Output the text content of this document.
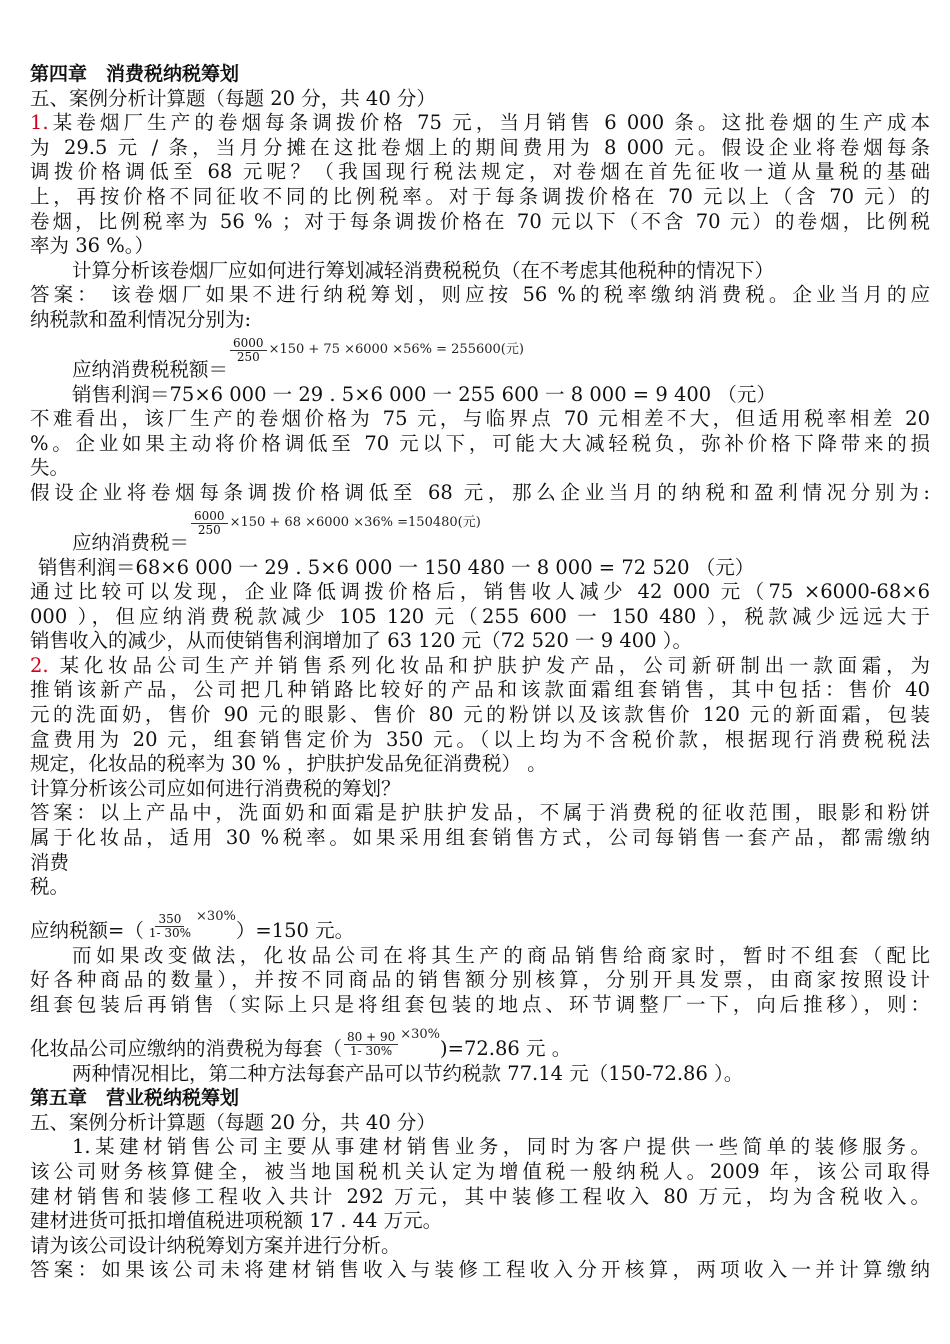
第四章　消费税纳税筹划
五、案例分析计算题（每题 20 分，共 40 分）
1.某卷烟厂生产的卷烟每条调拨价格 75 元，当月销售 6 000 条。这批卷烟的生产成本
为 29.5 元 / 条，当月分摊在这批卷烟上的期间费用为 8 000 元。假设企业将卷烟每条
调拨价格调低至 68 元呢？（我国现行税法规定，对卷烟在首先征收一道从量税的基础
上，再按价格不同征收不同的比例税率。对于每条调拨价格在 70 元以上（含 70 元）的
卷烟，比例税率为 56 % ；对于每条调拨价格在 70 元以下（不含 70 元）的卷烟，比例税
率为 36 %。）
计算分析该卷烟厂应如何进行筹划减轻消费税税负（在不考虑其他税种的情况下）
答案： 该卷烟厂如果不进行纳税筹划，则应按 56 %的税率缴纳消费税。企业当月的应
纳税款和盈利情况分别为:
应纳消费税税额＝
$\frac{6000}{250} \times 150 + 75 \times 6000 \times 56\% = 255600$(元)
销售利润＝75×6 000 一 29 . 5×6 000 一 255 600 一 8 000 = 9 400 （元）
不难看出，该厂生产的卷烟价格为 75 元，与临界点 70 元相差不大，但适用税率相差 20
%。企业如果主动将价格调低至 70 元以下，可能大大减轻税负，弥补价格下降带来的损
失。
假设企业将卷烟每条调拨价格调低至 68 元，那么企业当月的纳税和盈利情况分别为:
应纳消费税＝
$\frac{6000}{250} \times 150 + 68 \times 6000 \times 36\% =150480$(元)
销售利润＝68×6 000 一 29 . 5×6 000 一 150 480 一 8 000 = 72 520 （元）
通过比较可以发现，企业降低调拨价格后，销售收人减少 42 000 元（75 ×6000-68×6
000 ），但应纳消费税款减少 105 120 元（255 600 一 150 480 ），税款减少远远大于
销售收入的减少，从而使销售利润增加了 63 120 元（72 520 一 9 400 ）。
2. 某化妆品公司生产并销售系列化妆品和护肤护发产品，公司新研制出一款面霜，为
推销该新产品，公司把几种销路比较好的产品和该款面霜组套销售，其中包括：售价 40
元的洗面奶，售价 90 元的眼影、售价 80 元的粉饼以及该款售价 120 元的新面霜，包装
盒费用为 20 元，组套销售定价为 350 元。（以上均为不含税价款，根据现行消费税税法
规定，化妆品的税率为 30 % ，护肤护发品免征消费税） 。
计算分析该公司应如何进行消费税的筹划？
答案：以上产品中，洗面奶和面霜是护肤护发品，不属于消费税的征收范围，眼影和粉饼
属于化妆品，适用 30 %税率。如果采用组套销售方式，公司每销售一套产品，都需缴纳
消费
税。
应纳税额=（ $\frac{350}{1- 30\%} \times 30\%$
）=150 元。
而如果改变做法，化妆品公司在将其生产的商品销售给商家时，暂时不组套（配比
好各种商品的数量），并按不同商品的销售额分别核算，分别开具发票，由商家按照设计
组套包装后再销售（实际上只是将组套包装的地点、环节调整厂一下，向后推移），则：
化妆品公司应缴纳的消费税为每套（ $\frac{80 + 90}{1- 30\%} \times 30\%$
)=72.86 元 。
两种情况相比，第二种方法每套产品可以节约税款 77.14 元（150-72.86 ）。
第五章　营业税纳税筹划
五、案例分析计算题（每题 20 分，共 40 分）
1.某建材销售公司主要从事建材销售业务，同时为客户提供一些简单的装修服务。
该公司财务核算健全，被当地国税机关认定为增值税一般纳税人。2009 年，该公司取得
建材销售和装修工程收入共计 292 万元，其中装修工程收入 80 万元，均为含税收入。
建材进货可抵扣增值税进项税额 17 . 44 万元。
请为该公司设计纳税筹划方案并进行分析。
答案：如果该公司未将建材销售收入与装修工程收入分开核算，两项收入一并计算缴纳
